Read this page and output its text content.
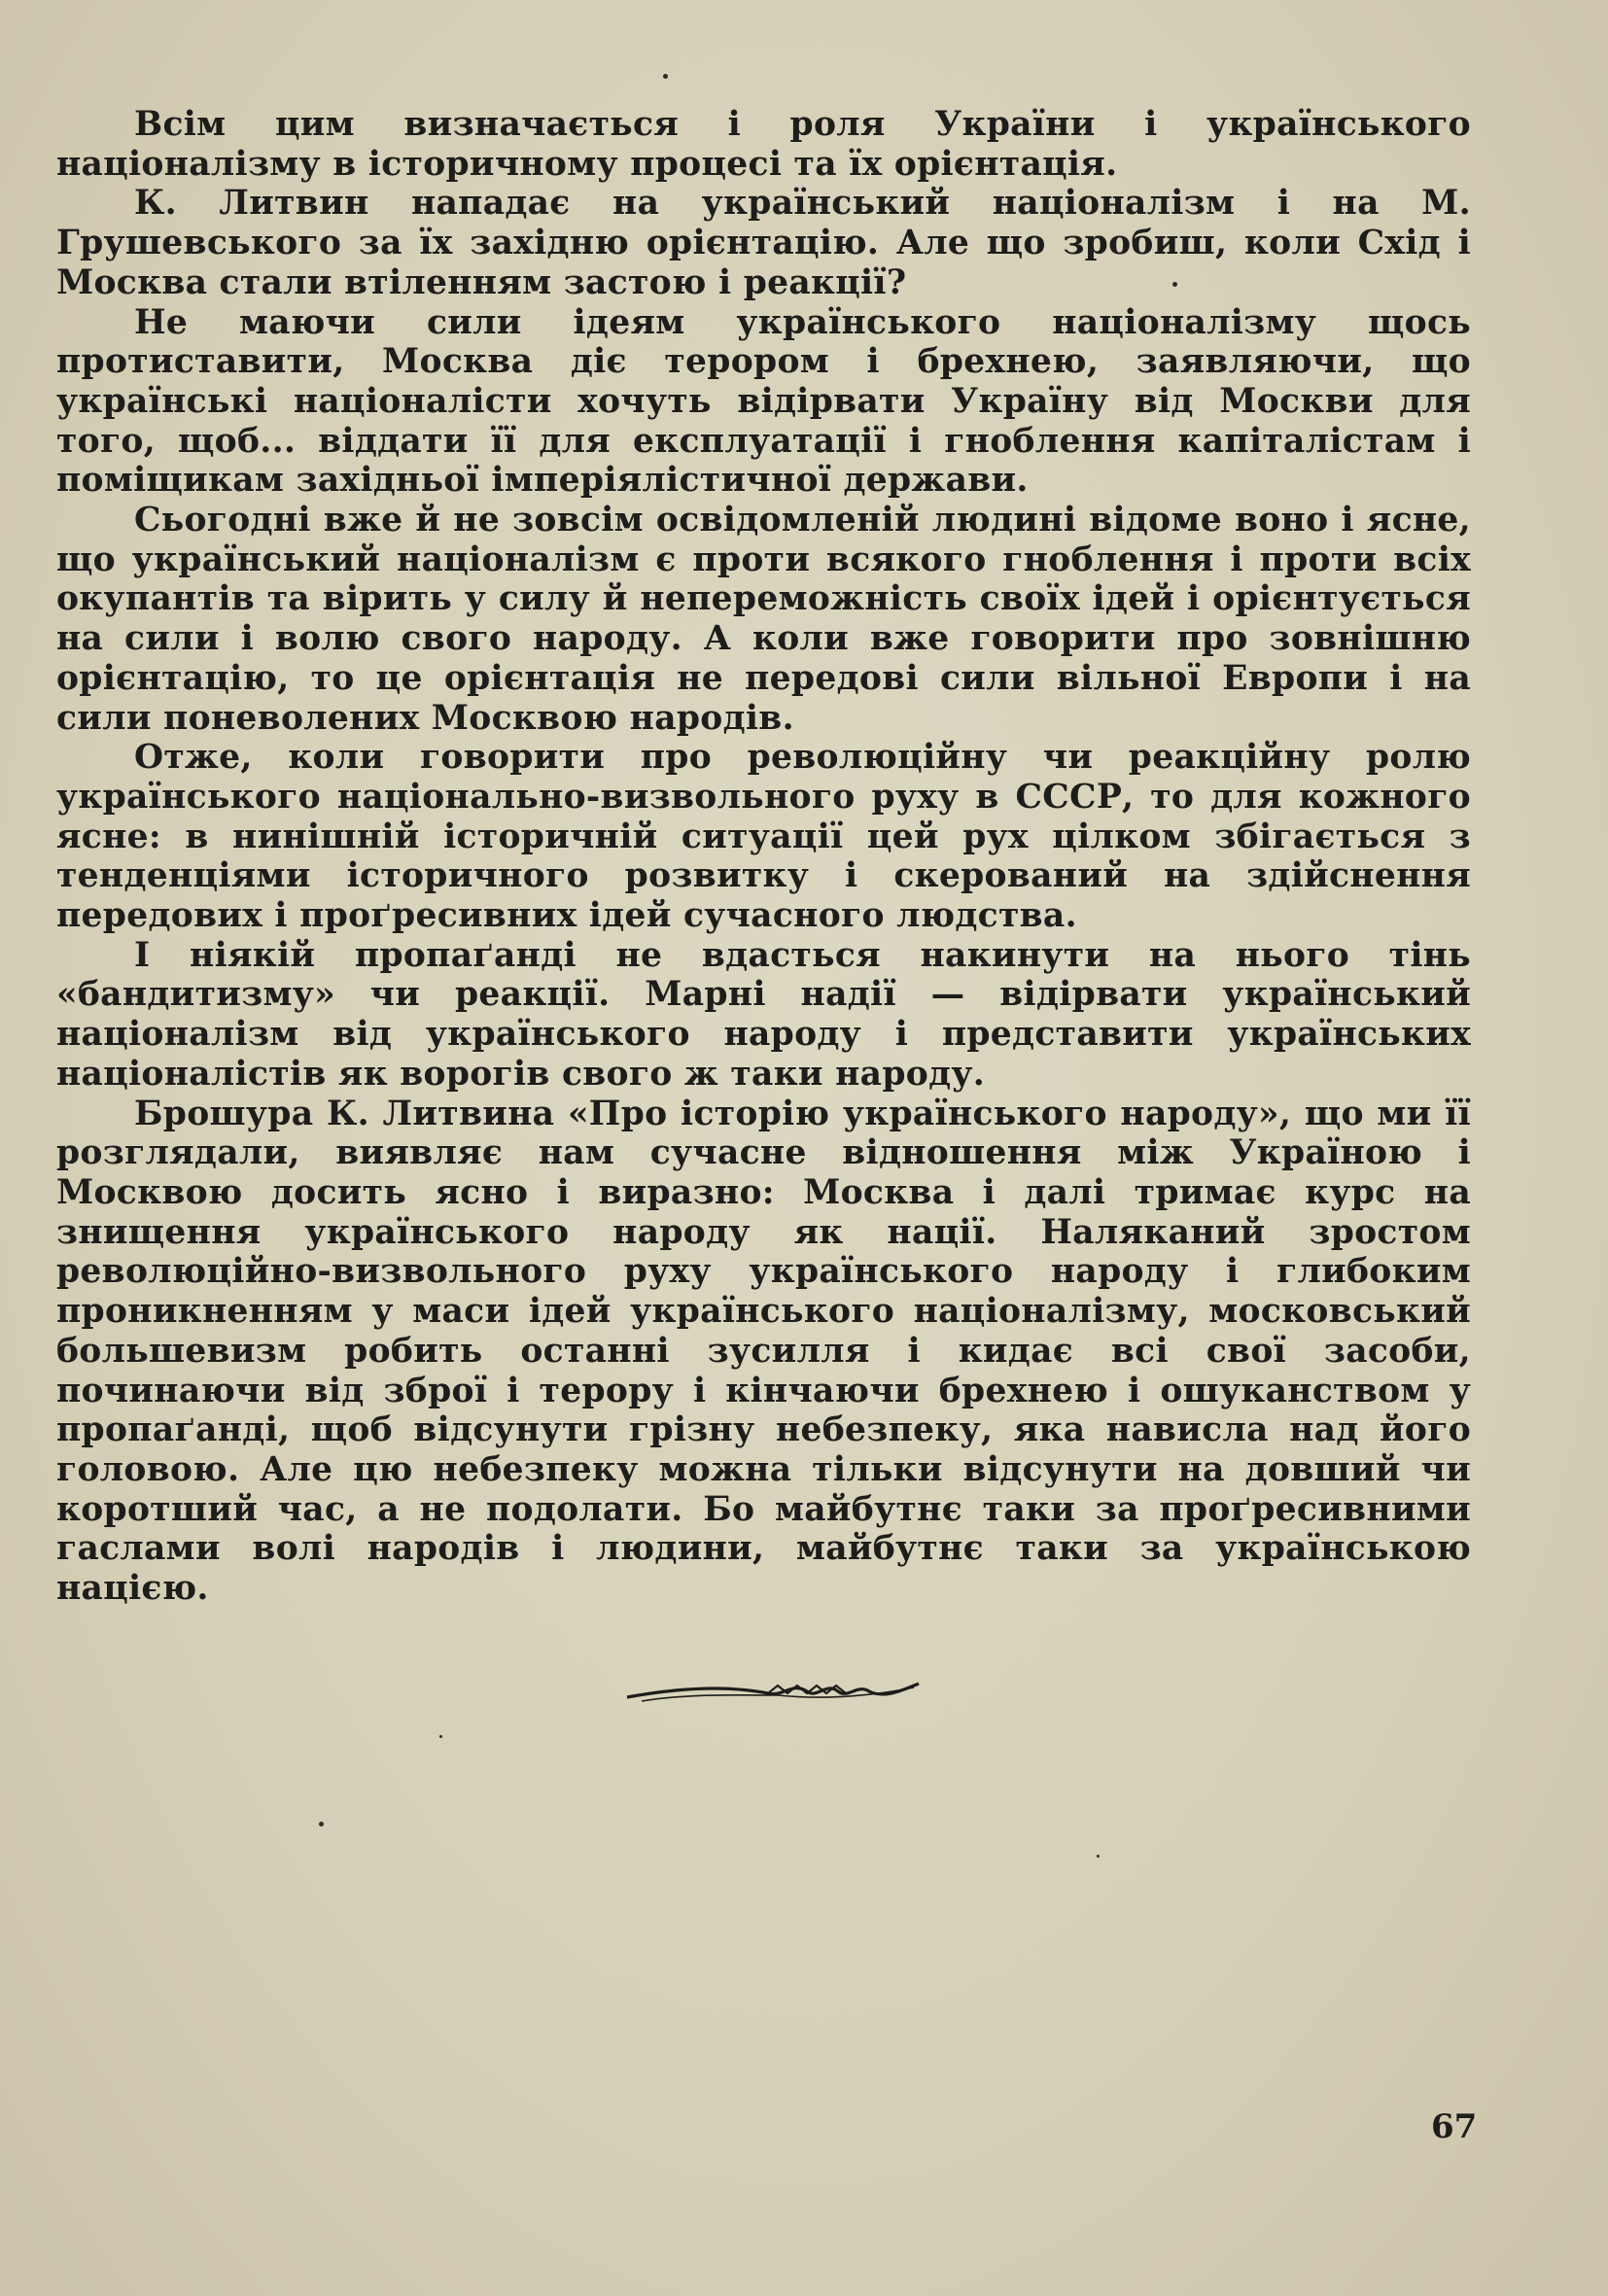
Всім цим визначається і роля України і українського націоналізму в історичному процесі та їх орієнтація.

К. Литвин нападає на український націоналізм і на М. Грушевського за їх західню орієнтацію. Але що зробиш, коли Схід і Москва стали втіленням застою і реакції?

Не маючи сили ідеям українського націоналізму щось протиставити, Москва діє терором і брехнею, заявляючи, що українські націоналісти хочуть відірвати Україну від Москви для того, щоб... віддати її для експлуатації і гноблення капіталістам і поміщикам західньої імперіялістичної держави.

Сьогодні вже й не зовсім освідомленій людині відоме воно і ясне, що український націоналізм є проти всякого гноблення і проти всіх окупантів та вірить у силу й непереможність своїх ідей і орієнтується на сили і волю свого народу. А коли вже говорити про зовнішню орієнтацію, то це орієнтація не передові сили вільної Европи і на сили поневолених Москвою народів.

Отже, коли говорити про революційну чи реакційну ролю українського національно-визвольного руху в СССР, то для кожного ясне: в нинішній історичній ситуації цей рух цілком збігається з тенденціями історичного розвитку і скерований на здійснення передових і проґресивних ідей сучасного людства.

І ніякій пропаґанді не вдасться накинути на нього тінь «бандитизму» чи реакції. Марні надії — відірвати український націоналізм від українського народу і представити українських націоналістів як ворогів свого ж таки народу.

Брошура К. Литвина «Про історію українського народу», що ми її розглядали, виявляє нам сучасне відношення між Україною і Москвою досить ясно і виразно: Москва і далі тримає курс на знищення українського народу як нації. Наляканий зростом революційно-визвольного руху українського народу і глибоким проникненням у маси ідей українського націоналізму, московський большевизм робить останні зусилля і кидає всі свої засоби, починаючи від зброї і терору і кінчаючи брехнею і ошуканством у пропаґанді, щоб відсунути грізну небезпеку, яка нависла над його головою. Але цю небезпеку можна тільки відсунути на довший чи коротший час, а не подолати. Бо майбутнє таки за проґресивними гаслами волі народів і людини, майбутнє таки за українською нацією.

67
